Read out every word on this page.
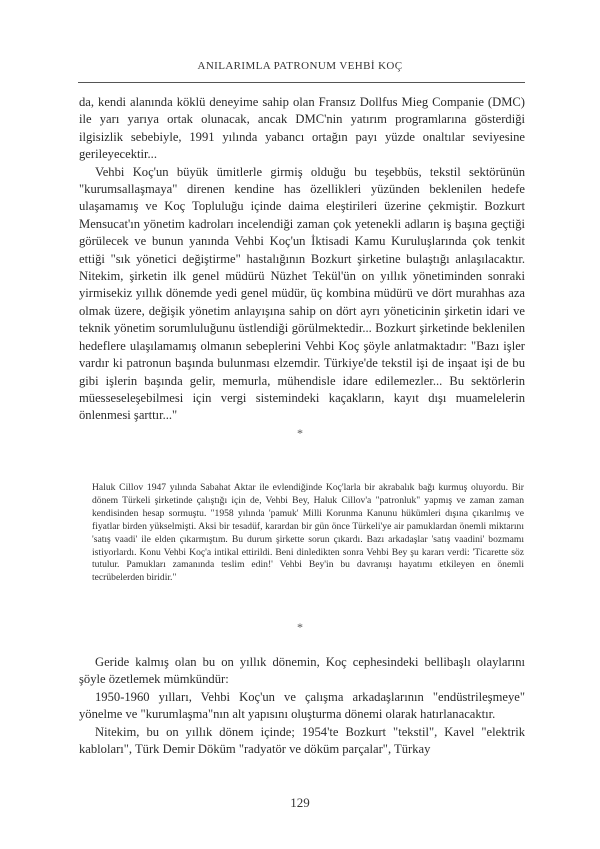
ANILARIMLA PATRONUM VEHBİ KOÇ

da, kendi alanında köklü deneyime sahip olan Fransız Dollfus Mieg Companie (DMC) ile yarı yarıya ortak olunacak, ancak DMC'nin yatırım programlarına gösterdiği ilgisizlik sebebiyle, 1991 yılında yabancı ortağın payı yüzde onaltılar seviyesine gerileyecektir...

Vehbi Koç'un büyük ümitlerle girmiş olduğu bu teşebbüs, tekstil sektörünün "kurumsallaşmaya" direnen kendine has özellikleri yüzünden beklenilen hedefe ulaşamamış ve Koç Topluluğu içinde daima eleştirileri üzerine çekmiştir. Bozkurt Mensucat'ın yönetim kadroları incelendiği zaman çok yetenekli adların iş başına geçtiği görülecek ve bunun yanında Vehbi Koç'un İktisadi Kamu Kuruluşlarında çok tenkit ettiği "sık yönetici değiştirme" hastalığının Bozkurt şirketine bulaştığı anlaşılacaktır. Nitekim, şirketin ilk genel müdürü Nüzhet Tekül'ün on yıllık yönetiminden sonraki yirmisekiz yıllık dönemde yedi genel müdür, üç kombina müdürü ve dört murahhas aza olmak üzere, değişik yönetim anlayışına sahip on dört ayrı yöneticinin şirketin idari ve teknik yönetim sorumluluğunu üstlendiği görülmektedir... Bozkurt şirketinde beklenilen hedeflere ulaşılamamış olmanın sebeplerini Vehbi Koç şöyle anlatmaktadır: "Bazı işler vardır ki patronun başında bulunması elzemdir. Türkiye'de tekstil işi de inşaat işi de bu gibi işlerin başında gelir, memurla, mühendisle idare edilemezler... Bu sektörlerin müesseseleşebilmesi için vergi sistemindeki kaçakların, kayıt dışı muamelelerin önlenmesi şarttır..."

*

Haluk Cillov 1947 yılında Sabahat Aktar ile evlendiğinde Koç'larla bir akrabalık bağı kurmuş oluyordu. Bir dönem Türkeli şirketinde çalıştığı için de, Vehbi Bey, Haluk Cillov'a "patronluk" yapmış ve zaman zaman kendisinden hesap sormuştu. "1958 yılında 'pamuk' Milli Korunma Kanunu hükümleri dışına çıkarılmış ve fiyatlar birden yükselmişti. Aksi bir tesadüf, karardan bir gün önce Türkeli'ye air pamuklardan önemli miktarını 'satış vaadi' ile elden çıkarmıştım. Bu durum şirkette sorun çıkardı. Bazı arkadaşlar 'satış vaadini' bozmamı istiyorlardı. Konu Vehbi Koç'a intikal ettirildi. Beni dinledikten sonra Vehbi Bey şu kararı verdi: 'Ticarette söz tutulur. Pamukları zamanında teslim edin!' Vehbi Bey'in bu davranışı hayatımı etkileyen en önemli tecrübelerden biridir."

*

Geride kalmış olan bu on yıllık dönemin, Koç cephesindeki bellibaşlı olaylarını şöyle özetlemek mümkündür:

1950-1960 yılları, Vehbi Koç'un ve çalışma arkadaşlarının "endüstrileşmeye" yönelme ve "kurumlaşma"nın alt yapısını oluşturma dönemi olarak hatırlanacaktır.

Nitekim, bu on yıllık dönem içinde; 1954'te Bozkurt "tekstil", Kavel "elektrik kabloları", Türk Demir Döküm "radyatör ve döküm parçalar", Türkay

129
